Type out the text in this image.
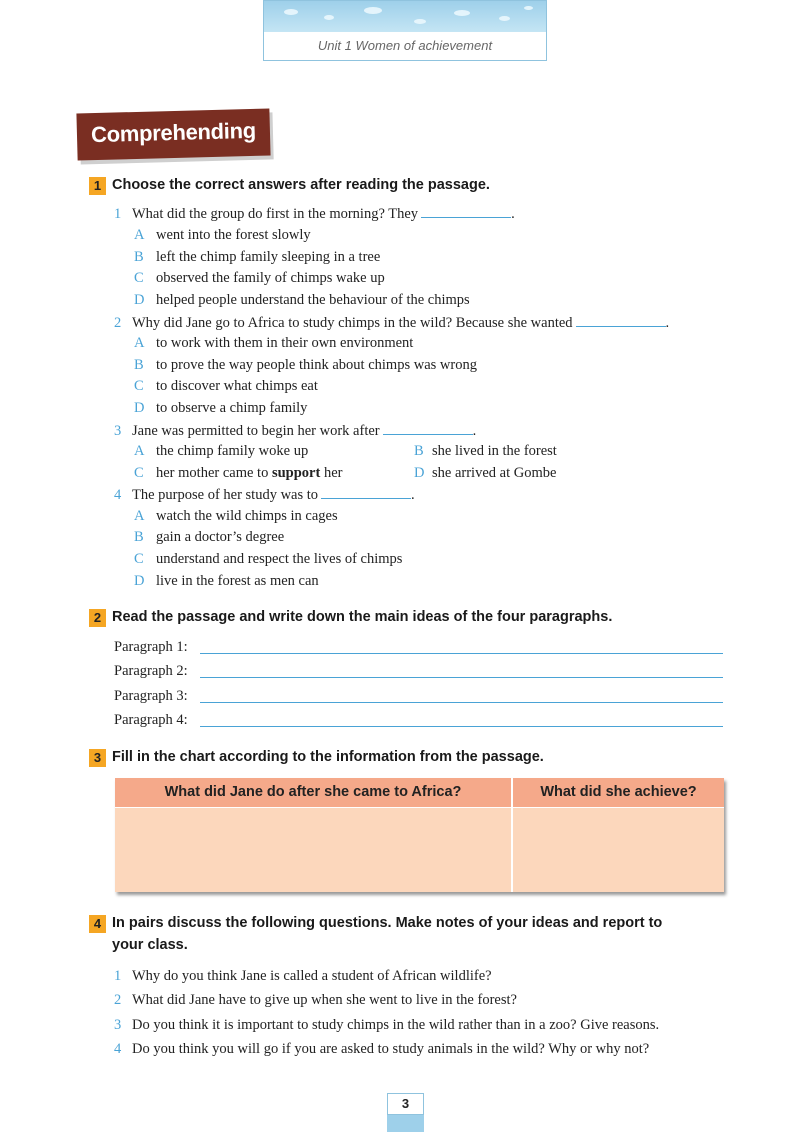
Unit 1 Women of achievement
Comprehending
1 Choose the correct answers after reading the passage.
1 What did the group do first in the morning? They	.
A went into the forest slowly
B left the chimp family sleeping in a tree
C observed the family of chimps wake up
D helped people understand the behaviour of the chimps
2 Why did Jane go to Africa to study chimps in the wild? Because she wanted	.
A to work with them in their own environment
B to prove the way people think about chimps was wrong
C to discover what chimps eat
D to observe a chimp family
3 Jane was permitted to begin her work after	.
A the chimp family woke up	B she lived in the forest
C her mother came to support her	D she arrived at Gombe
4 The purpose of her study was to	.
A watch the wild chimps in cages
B gain a doctor’s degree
C understand and respect the lives of chimps
D live in the forest as men can
2 Read the passage and write down the main ideas of the four paragraphs.
Paragraph 1:
Paragraph 2:
Paragraph 3:
Paragraph 4:
3 Fill in the chart according to the information from the passage.
What did Jane do after she came to Africa?	What did she achieve?
4 In pairs discuss the following questions. Make notes of your ideas and report to
your class.
1 Why do you think Jane is called a student of African wildlife?
2 What did Jane have to give up when she went to live in the forest?
3 Do you think it is important to study chimps in the wild rather than in a zoo? Give reasons.
4 Do you think you will go if you are asked to study animals in the wild? Why or why not?
3
